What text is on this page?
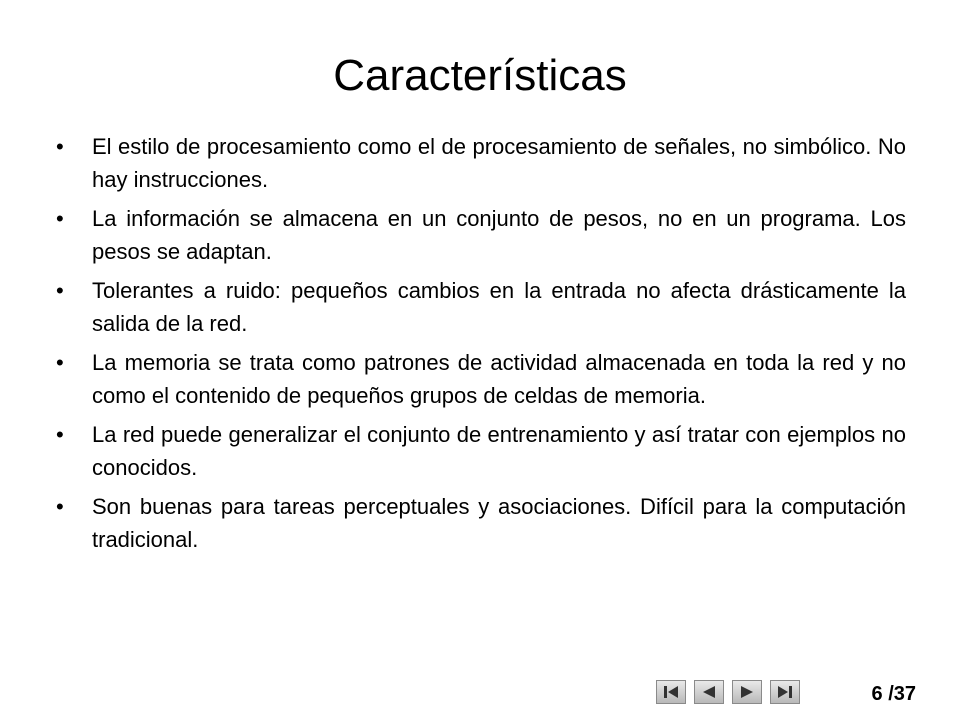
Características
•	El estilo de procesamiento como el de procesamiento de señales, no simbólico. No hay instrucciones.
•	La información se almacena en un conjunto de pesos, no en un programa. Los pesos se adaptan.
•	Tolerantes a ruido: pequeños cambios en la entrada no afecta drásticamente la salida de la red.
•	La memoria se trata como patrones de actividad almacenada en toda la red y no como el contenido de pequeños grupos de celdas de memoria.
•	La red puede generalizar el conjunto de entrenamiento y así tratar con ejemplos no conocidos.
•	Son buenas para tareas perceptuales y asociaciones. Difícil para la computación tradicional.
6 /37
